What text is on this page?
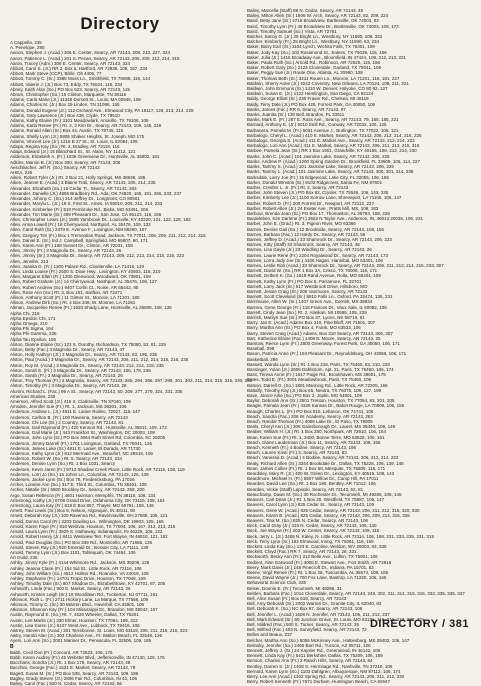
Directory
A Cappella, 235
A. Penelope, 290
Aanon, Stephen J. (Acad.) 306 E. Center, Searcy, AR 72143, 208, 213, 227, 324
Aaron, Patience L. (Acad.) 201 S. Pecan, Searcy, AR 72143, 206, 209, 212, 214, 315
Aaron, Tracey (Adm.) 306 E. Center, Searcy, AR 72143, 324
Abbott, Carol S. (Jr.) RR 2, Box 5, Hartford, AR 72938, 109, 157, 234
Abbott, Mark Steve (CCP), Bible, Olt 4406, 77
Abbott, Tommy C. (Sr.) 3385 Moss Ln., Smithfield, TX 76088, 116, 144
Abbott, Valerie J. (Jr.) Box 73, Eddy, TX 76524, 115, 234
Abney, Keith Alan (So.) PO Box 523, Searcy, AR 72143, 115
Abram, Christopher (So.) 15 Clinton, Marquette, TN 38116
Adams, Carla Marie (Jr.) 11348 Dorsett St., Louis, MA 02945, 108
Adams, Charles M. (Jr.) Box 25 Linden, TN 31096, 155
Adams, Donald Eugene (Jr.) 112 Orchard Ave., Elmwood City, PA 16117, 126, 213, 214, 229
Adams, Gary Lawrence (Jr.) Box 438, Clyde, TX 79510
Adams, Kathy Elaine (Fr.) 3101 Meadowlark, Amarillo, TX 79106, 106
Adams, Karla Renee (Fr.) Rt. 2, 3 Kim Dr., Searcy, AR 72143, 109, 145, 216
Adams, Ronald Allen (Sr.) Box 44, Austin, TX 78745, 115
Adams, Shelly Lynn (Jr.) 5805 Shaker Heights, St. Joseph, MO 175
Adams, Vincent Lee (Jr.) 1216 B 27 St., St. Louis, IL 62084, 106
Adapa, Regina Kay (So.) Rt. 2, Bradley, AR 72118, 116
Adapt, Edward (Jr.) 15 Blanchard St., St. Alans, NY 11412, 121
Adderson, Elizabeth A. (Fr.) 1036 Greenview Dr., Huntsville, AL 35802, 181
Adkins, Marvin B. (Jr.) Box 300, Searcy, AR 72143, 206
Aeschbacher, Jeff R. (So.) Searcy, AR 72143
AHEA, 225
Aiken, Robert Tyler (Jr.) Rt. 2 Box 21, Holly Springs, MS 38635, 185
Aiken, Jeanne E. (Acad.) 3 Blaine Trail, Searcy, AR 72143, 205, 214, 235
Alexander, Elizabeth (So.) 15 Cedar Tr., Searcy, AR 72143, 263
Alexander, Danielle (Jr.) 4855 Bradberry Rd., Ada, OK 74820, 166, 181, 266, 233, 237
Alexander, Johnny C. (So.) 314 Jeffrey Dr., Longmont, CO 80501
Alexander, Marylu L. (Jr.) 18 S. First St., Ames, IA 50010, 205, 211, 214, 233
Alexander, Kimberlee (Fr.) 510 Pembroke Rd., Biska, MO 63451, 206
Alexander, Tim Marie (Sr.) 499 Pheasant Dr., San Jose, CA 95123, 116, 156
Allen, Christopher Lewis (Jr.) 1508 Yarnbrook Dr., Louisville, KY 40220, 121, 123, 128, 182
Allen, Anna Lowell (Fr.) 18 Cherrywood, Northport, AL 35476, 109, 132
Allen, Carol Ruth (Sr.) 2470 E. Avenue F., Lovington, NM 88260, 107
Allen, Gregory Tim (Fr.) Box 1 Tremontian Road, Jackson, TX 77011, 206, 209, 211, 212, 214, 315
Allen, Daniel E. (Sr.) Ind J. Campbell, Springfield, MO 65807, 90, 171
Allen, Karen Ann (Fr.) 168 Sunset Dr., Clinton, AR 72031, 108
Allen, Jimmy (Fr.) 3 Magnolia Dr., Searcy, AR 72143, 26
Allen, Jimmy (Sr.) 3 Magnolia Dr., Searcy, AR 72143, 209, 212, 213, 214, 215, 216, 223
Allen, Jennifer, 213
Allen, Juanita D. (Fr.) 1300 Palace Rd., Cloutierville, LA 71416, 120
Allen, Linda Louise (Fr.) 2500 S. Dixie Hwy., Lexington, KY 40503, 116, 210
Allen, Margaret Ellen (Fr.) 1200 Glenwood, Woodward, OK 73801, 109
Allen, Robert Graham (Jr.) 14 Cherrywood, Northport, AL 35476, 108, 127
Allen, Robert Andrew (So.) 9407 Corlin Ct., Noise, AR 65442, 95
Allen, Rose Ann (So.) Rt. 3, Box 151, Swifton, AR 72471
Allison, Anthony Scott (Fr.) 11 Gilmer St., Monroe, LA 71201, 180
Allison, Andrew Dirk (So.) Rt. 4 Box 346, W. Monroe, LA 71291
Allman, Jacqueline Renee (Fr.) 1920 Shady Lane, Huntsville, AL 35808, 108, 138
Alpha Chi, 218
Alpha Epsilon Chi, 171
Alpha Omega, 210
Alpha Phi Sigma, 164
Alpha Phi Gamma, 235
Alpha Tau Epsilon, 166
Alston, Dianne Elaine (Sr.) 123 S. Dorothy, Richardson, TX 75080, 52, 81, 229
Alston, Betty (Fac.) 3 Magnolia Dr., Searcy, AR 72143, 47
Alston, Holly Kathryn (Jr.) 3 Magnolia Dr., Searcy, AR 72143, 63, 195, 235
Alston, Paul (Acad.) 3 Magnolia Dr., Searcy, AR 72143, 206, 211, 212, 214, 215, 216, 235
Alston, Roy M. (Acad.) 3 Magnolia Dr., Searcy, AR 72143, 212, 214, 215, 235
Alston, Sarah E. (Fr.) 3 Magnolia Dr., Searcy, AR 72143, 106, 179, 236
Alston, Sarah (Fr.) 3 Magnolia Dr., Searcy, AR 72143, 26
Alston, Troy Thomas (Fr.) 3 Magnolia, Searcy, AR 72143, 265, 294, 296, 297, 299, 301, 302, 311, 314, 315, 316, 330, 331
Alston, Timothy (Fr.) 3 Magnolia Dr., Searcy, AR 72143, 28
Alumni, Richard L. (Fac.) 99 A St., Searcy, AR 72143, 50, 209, 277, 279, 324, 331, 335
American Studies, 235
Amerson, Alfred Scott (Jr.) 416 S. Clarksville, TN 37040, 109
Amsden, Jennifer Sue (Fr.) Rt. 1, Jackson, MS 39201, 106
Anderson, Andrew L. (Jr.) 4811 E. Lanier Rodeo, 72027, 116, 147
Anderson, Carlton B. (Fr.) 100 Ravenna, Searcy, AR 72143
Anderson, Chi Lee (Sr.) 2 Country, Searcy, AR 72143, 81
Anderson, Gail Raymond (Fr.) 420 Kennon Rd., Huntsville, AL 35811, 109, 173
Anderson, Gail Marie (Jr.) 443 Frankfort St., Washington, DC 20003, 108
Anderson, John Lynn (Sr.) PO Box 3064 Ruth Street Rd, Colombia, SC 29205
Anderson, Jimmy Darrell (Fr.) 1701 Livingston, Garland, TX 75041, 126
Anderson, James Luke (Sr.) 4811 E. Lanier, El Dorado, AR 71730
Anderson, Kathy Lynn (Jr.) 812 Mermaid Ave., Beaufort, NC 28516, 106
Anderson, Robert W. (So.) Rt. 5, Searcy, AR 72143, 234
Andersen, Denise Lynn (So.) Rt. 1 Box 1031, Searcy
Andersen, Kevin Jaren (Fr.) 9713 Shadow Creek Place, Little Rock, AR 72116, 108, 119
Andersen, Lorri Jo (So.) 15 Johns Ln., Columbia, AR 72143, 126, 139
Andersen, Jackie Lynn (Sr.) Box 78, Fredericksburg, PA 17026
Archer, Loraine Ann (So.) 317 E. Third St., Columbia, TN 38401, 108
Archer, Natalie (Sr.) 5800 Brockley Dr., Searcy, AR 72143, 259, 200
Argo, Susan Rebecca (Fr.) 4601 Harrison, Memphis, TN 38118, 108, 134
Armstrong, Kathy (Jr.) 6708 Grand Drive, Oklahoma City, OK 73116, 108, 154
Armstrong, Laura Kay (Fr.) 819 E Box 857, Thayer, MO 65791, 108, 146
Arnett, Paul Lewis (Sr.) Box 6, Nelson, Algonquin, IN 48111, 90
Arnett, Deborah Kay (Jr.) 100 Ravenna Rd., Ravennaville, OH 27688, 105, 121
Arnold, Donna Carol (Fr.) 2203 Dowling Ln., Wilmington, DE 19803, 105, 166
Arnold, Karen Faye (Fr.) 810 Westvia, Houston, TX 77004, 106, 167, 212, 213, 215
Arnold, Laura Lynn (Fr.) 3929 S. Hathaway, Indianapolis, IN 46226, 106, 122
Arnold, Robert Henry (Jr.) 8411 Westview Terr. Fort Wayne, IN 46816, 121, 182
Arnold, Paul Douglas (So.) PO Box 339 Rd., Monticello, AR 71655, 126
Arnold, Steven Ray (Jr.) 920 Emerald Dr., Bossier City, LA 71111, 139
Arnold, Tammy Lynn (Jr.) Box 1101, Tahlequah, OK 74464, 106
Art Guild, 236
Ashby, Jimmy Kyle (Fr.) 4144 Whitmore Rd., Jackson, MS 39206, 128
Ashley, Jeanna Claire (Fr.) 154 Sid St., Little Rock, AR 72116, 106
Ashley, John William (So.) 4612 Hollins Rd., Roanoke, VA 24019, 108
Ashley, Stephanie (Fr.) 14701 Tropic Drive, Houston, TX 77049, 109
Ashley, Timothy Dale (Sr.) 807 Shadow Dr., Elizabethtown, KY 42701, 87, 205
Ashworth, Linda (Fac.) 900 E. Market, Searcy, AR 72143, 26
Ashworth, Kristen Leigh (Sr.) 19 Woodlawn Rd., Tuckerton, NJ 07711, 161
Atkinson, Ruth L. (Fr.) 2711 Hickory Lane, La Marque, TX 77568, 109
Atkinson, Timmy C. (Sr.) 30 Warren Blvd., Haverhill, CA 33901, 106
Atkinson, Shannon Kay (Fr.) 104 Mississippi Dr., Brandon, MS 39042, 107
Austin, Raymond E. (So.) Rt. 7, 4520 Wheeler, Dallas, TX 75201
Austin, Lee Marlin (Jr.) 330 Elmer, Houston, TX 77084, 199, 312
Austin, Lisa Karen (Jr.) 5107 West Ave., Lubbock, TX 79416, 106
Awtrey, Steven M. (Acad.) 301 Terrebonne, St. Louis, MO 63119, 206, 211, 215, 216, 323
Awtry, Harold Alan (Jr.) 303 Charlene Ave., Ft. Walton Beach, FL 32548, 126
Ayers, Lori Ann (So.) 3001 Mariner Dr., Pensacola, FL 32506, 109, 185
B
Babb, Cecil Don (Fr.) Concord, AR 72523, 106, 176
Babb, Karen Audrey (Fr.) 46 Webster Blvd., Jeffersonville, IN 47130, 129, 176
Baccharis, Sondra (Jr.) Rt. 1 Box 179, Searcy, AR 72143, 48
Bacchini, George (Fac.) 1521 E. Market, Searcy, AR 72143, 78
Bagett, Susan M. (Sr.) PO Box 536, Searcy, AR 72143, 109, 186
Bagley, Grady Steven (Jr.) 2806 Fair Rd., Columbus, IN 43, 106
Bailey, Carol (Fac.) 820 N. Cedar, Searcy, AR 72143, 56
Bailey, Marcella (Staff) 88 N. Cedar, Searcy, AR 72143, 48
Bailey, Milton Allen (Sr.) 1806 W. Arch, Searcy, AR 72143, 82, 209, 224
Baird, Betty Jane (Sr.) 4716 Broadview, Bartlesville, OK 74003, 82
Baird, Timothy Lynn (Fr.) 46 Broadview Dr., Bartlesville, OK 74003, 109, 173
Baird, Timothy Samuel (So.) Vista, AR 72761
Balcher, Sanny G. (Jr.) 25 Bright Ln., Westbury, NY 11590, 109, 322
Balcher, Kimberly (Fr.) 25 Bright Ln., Westbury, NY 11590, 63, 234
Baker, Barry Earl (Sr.) 1104 Lynch, Wichita Falls, TX 76301, 109
Baker, Jody Kay (So.) 102 Rosamond St., Euless, TX 76039, 116, 156
Baker, Julia (Jr.) 1416 Broadway Ave., Bloomfield, IN 47424, 109, 212, 213, 221
Baker, Paula Ruth (So.) Arnold Rd., Robinson, AR 72025, 116, 166
Baker, Robert Gary (So.) 2124 Cloverdale, Garland, TX 75041, 108
Baker, Peggy Sue (Jr.) Route One, Atlanta, AL 30990, 109
Baker, Thomas Beth (Sr.) 3211 Rouen Ln., Monroe, LA 71201, 116, 181, 227
Baldwin, Sherry Anne (Jr.) 4043 Coventry, New Orleans, LA 70124, 108, 211, 221
Baldwin, John Emmons (Sr.) 1410 W. Denver, Holyoke, CO 80 92, 127
Baldwin, Susan E. (Jr.) 1122 Hemlington, San Diego, CA 92124
Baldy, George Elliott (Sr.) 230 Fraser Rd., Chelsea, MI 48118
Baldy, Terry Dale (Jr.) PO Box 425, Forrest Park, GA 30050, 106
Banks, James (Fac.) RR 6, Searcy, AR 72143, 97
Banks, Juanita (Sr.) 130 Bell, Brandon, FL 33511
Banks, Mark E. (Fr.) 287 E. Ross Ave., Searcy, AR 72143, 79, 165, 185, 221
Barnard, Anthony E. (Jr.) 5010 Stoll Rd., Conway, AR 72032, 106, 125
Barbanera, Pamela M. (Fr.) 5031 Avenue J., Burlington, TX 77022, 106, 121
Barbalogo, Cheryl L. (Acad.) 410 E. Market, Searcy, AR 72143, 206, 212, 214, 216, 225
Barbalogo, Georgia S. (Acad.) 411 E. Market Ave., Searcy, AR 72143, 212, 214, 223
Barbalogo, Lori Ann (Acad.) 411 E. Market, Searcy, AR 72143, 206, 211, 213, 215, 316
Barbee, Pamela Jean (Sr.) RR 1 Box 1901, Grandville, KY 40155, 108, 212, 214, 230
Banks, John C. (Acad.) 101 Jasmine Lake, Searcy, AR 72143, 206, 225
Banks, Andrew P. (Acad.) 1200 Spring Garden Dr., Brookfield, FL 33605, 106, 114, 227
Banks, Tammy S. (Acad.) 101 Jasmine Lake, Searcy, AR 72143, 206, 225
Banks, Tammy L. (Acad.) 101 Jasmine Lake, Searcy, AR 72143, 300, 301, 314, 335
Barksdale, Larry Joe (Fr.) 15 Edgewood, Lake City, FL 32055, 106, 185
Barker, Donald Winston (Sr.) 8102 Ridgecrest, Santa Fe, NM 87501
Barber, Crestler L. Jr. (Fr.) Rt. 2, Searcy, AR 72143
Barber, John Steven (Jr.) PO Box 82, Crysler, TX 75546, 106, 143, 335
Barber, Kimberly Lee (Jr.) 1100 Sorrow Lane, Shreveport, LA 71106, 106, 147
Barber, Robert D. (Fr.) 209 Forrest Dr., Newport, AR 72112, 227
Barber, Robert Allen (Jr.) 24 Exeter Ave., Pratts Mill, MS, 109, 183
Barbour, Brenda Jean (Sr.) PO Box 17, Thomaston, AL 36783, 108, 225
Bardeleben, Kim Darlene (Fr.) 3652 N Taylor Ave., Anderson, IN, 46012 20035, 106, 231
Barber, John E. (Grad.) Rt. 3, Pigeon River, MO 63366
Barnes, Denise Gail (So.) 12 Brookside, Searcy, AR 72143, 108, 156
Barnes, Barbara (Fac.) 12 Hardy Dr., Searcy, AR 72143, 56
Barnes, Jeffrey D. (Acad.) 33 Shamrock Dr., Searcy, AR 72143, 206, 223
Barnes, Kitty (Staff) 33 Shamrock, Searcy, AR 72143, 48
Barnes, Lisa Gayle (Jr.) 23 Windling Dr., Searcy, AR 72143, 26
Barnes, Laurie Rene (Fr.) 2204 Royalwood Dr., Searcy, AR 72143, 173
Barnes, Lorra Judy Joe (Sr.) 4106 Hagan, Hannibal, MO 63401, 106
Barnes, Leslie Rob (Acad.) 33 Shamrock Dr., Searcy, AR 72143, 206, 211, 213, 214, 215, 233, 307
Barnett, David W. (So.) RR 1 Box 3A, Crisco, TX 76008, 116, 171
Barnett, Delbert K. (So.) 1618 Rand Avenue, Rolla, MO 65401, 109
Barnett, Kathy Lynn (Fr.) PO Box 5, Parramore, FL 32701
Barnett, Larry Jack (Sr.) 517 Westbrook Drive, Hillsboro, MO
Barnett, Jessie Craig (Sr.) 208 Vanmoore, Searcy, AR 72143
Barnett, Scott Cleveland (Sr.) 5810 Falls Ln., Oxford, PA 32474, 136, 231
Barnhouse, Allen W. (Sr.) 1407 Green Ave., Cornith, MS 38834
Barrera, Gene George (Fr.) 115 Frances Dr., Vaux Sale, IL 60082, 106
Barrett, Cindy Jean (So.) Rt. 2, Alaskan, MI 10585, 105, 229
Barrish, Marilyn Sue (Sr.) PO Box 37, Lyons, NE 68719, 81
Barry, Jan E. (Acad.) Adams Box 310, Pine Bluff, AR 71601, 307
Barry, Martha Ann (Sr.) PO Box 4, Frank, MO 63533, 106
Barry, Steven Craig (Acad.) Adams, Box 310 Searcy, AR 72143, 306, 307
Barr, Katherine Elaine (Fac.) 1408 E. Moore, Searcy, AR 72143, 25
Barstow, Reece Lynn (Fr.) 2800 Greenway, Forest Park, GA 30050, 106, 171
Baseball, 298
Bason, Patricia Anne (Fr.) 194 Pleasant Dr., Reynoldsburg, OH 43068, 106, 171
Basketball, 296
Bassett, Wanda Lynn (Sr.) Rt. 1 Box 218, Paris, TX 75460, 83, 210, 228
Bassinger, Yulan (Jr.) 2606 Dahlstrom, Apt. 21, Paris, TX 75460, 106, 174
Bass, Teresa Anne (Fr.) 1617 Paige Rd., Brookhaven, MS 39601, 175
Bates, Todd E. (Fr.) 3001 Meadowbrook, Paris, TX 75460, 106
Batson, Darrell G. (So.) 1801 Manning Rd., Little Rock, AR 72205, 166
Battalfy, Timothy Kay (Jr.) Box 65, Neutra, TX 76075, 109, 127, 199
Bave, Janice Arlie (So.) PO Box 3, Joplin, MO 64801, 109
Baylor, Deborah Ann (Sr.) 2501 Trenton, Houston, TX 77054, 83, 201, 205
Beagle, Pamela Jean (Fr.) 4325 Kansas Dr., Baton Rouge, LA 70809, 106, 156
Beaugh, Charles L. (Fr.) PO Box 815, Lebanon, OK 74741, 106
Beach, Sandra (Fac.) 206 W. Academy, Searcy, AR 72143, 263
Beach, Randal Thomas (Fr.) 4008 Lake Dr., El Paso, TX 79905
Beals, Cheryl Ann (Jr.) 306 Gainsborough Dr., Laurel, MS 39440, 106, 148
Beaber, William H. (Jr.) Rt. 1 Box 280, Northpark, AR 72910, 106, 164
Bean, Karen Sue (Fr.) Rt. 1, 3400, Bonne Terre, MO 63628, 105, 161
Beach, Diane Lauderman (Jr.) Box 11, Searcy, AR 72143, 108, 156
Beach, Kenneth (Fr.) 4 Bodine, Searcy, AR 72143, 196
Beach, Lauren Kristi (Fr.) 3, Searcy, AR 72143, 83
Beach, Vanessa D. (Acad.) 4 Bodine, Searcy, AR 72143, 206, 213, 214, 223
Beaty, Richard Allen (Sr.) 3344 Brookdale Dr., Dallas, TX 75228, 106, 139, 148
Bean, James Collier (Fr.) Rt. 1 Box 60, Mesquite, TX 75806, 116, 171
Beardsley, Mary R. (Jr.) 400 W. Green Dr., Lexington, KY 40515, 108, 143
Beardmore, Michael H. (Fr.) 5507 Willow Dr., Camp Hill, PA 17011
Bearden, David Lee (So.) Rt. 1 Box 190, Bentley, AR 71012, 106
Bearden, Vickie (Staff) Lapinski, Searcy, AR 72143, 62, 81
Beauchamp, Dawn M. (So.) 30 Rochester Dr., Tecumseh, MI 49286, 106, 146
Beavers, Carl Dean (Jr.) Rt. 1 Box 20, Westfield, TX 75687, 106, 147
Beavers, Carol Lynn (Jr.) 825 Cedar St., Searcy, AR 72143, 106
Beavers, Gene W. (Acad.) 825 Cedar, Searcy, AR 72143, 206, 211, 212, 315, 320, 330
Beavers, Karen B. (Acad.) 825 Cedar, Searcy, AR 72143, 206, 209, 214, 316, 326
Beavers, Tina M. (So.) 825 N. Cedar, Searcy, AR 72143, 106
Beck, Carol Gray (Jr.) 315 N. Cedar, Searcy, AR 72143, 106, 140
Beck, Joe Wayne (Fr.) 203 W. Center, Searcy, AR 72143, 109, 110
Beck, Jerry L. (Jr.) 3406 N. Kaley, N. Little Rock, AR 72114, 106, 168, 231, 233, 235, 231, 319
Beck, Terry Lynn (Sr.) 192 Elmwood, Irving, TX 75061, 116, 159
Beckett, Linda Kay (So.) 123 E. Caroline, Weldon, WV 26003, 83, 335
Beckett, Cloyd (Fac.) RR 7, Searcy, AR 72143, 26, 231
Beckworth, Becky Ann (Fr.) 312 Belle Ave., Lufkin, TX 75901, 106
Bedient, Alan Garwood (Fr.) 4006 E. Stewart Ave., Fort Smith, AR 72916
Beery, Mark Davis (Jr.) 148 Pinecroft Dr., Indiana, PA 15701, 83
Beene, Virgil Renee (Fr.) Rt. 1 Box 28, Tuscumbia, AL 35674, 108, 185
Beene, David Wayne (Jr.) 700 Fox Lane, Bastrop, LA 71220, 106, 165
Behavioral Science Club, 235
Beiser, Donnie E. (Fr.) Tecumseh, MI 49286, 31
Belden, Barbara (Fac.) 1014 Cloverdale, Searcy, AR 72143, 249, 302, 311, 314, 315, 316, 333, 335, 335, 337
Bell, Alice Susan (Fr.) Box 518, Searcy, AR 72143
Bell, Amy Deborah (Sr.) 2002 Warren Dr., Granite City, IL 62040, 83
Bell, Deborah K. (So.) NC Box 67, Searcy, AR 72143, 106
Bell, Jennifer L. (Acad.) 1608 N. Jennifer, AR 72143, 106, 211, 212, 237
Bell, Mark Edward (Sr.) 60 Junction Grove, St. Louis, MO 63131, 116, 212, 213, 230, 231
Bell, Mildred (Fac.) 500 S. Turner, Searcy, AR 72143, 26
Bell, Wilfred (Fac.) 403 N. Sunnyfield, Searcy, AR 72143, 72
Belles and Beaux, 237
Belcher, Martha Ann (So.) 5056 McKinney Ave., Hattiesburg, MS 39402, 106, 147
Belinsky, Jennifer (So.) 2465 Barr Rd., Tucson, AZ 85711, 106
Bennett, Jeffrey J. (Sr.) 24 Kaysler Rd., Greenwood, IN 46142, 106
Bennett, Linda Kay (Fr.) 5411 Berkshire, Dallas, TX 75209, 106, 159
Benson, Charles Ann (Fr.) 2 Ranch Hills, Searcy, AR 72143, 84
Bentley, Darren S. (Jr.) 1408 S. Hermitage Rd., Nashville, TN 37210, 106
Bernard, Karen Lynn (So.) 1103 Dahlgren, Albuquerque, NM 87112, 106, 174
Berry, Lee Ann (Acad.) 1302 Spring Rd., Searcy, AR 72143, 206, 211, 212, 230
Berry, Robert Kenneth (Fr.) 7671 Durham, Huntington Beach, CA 92647
DIRECTORY / 381
